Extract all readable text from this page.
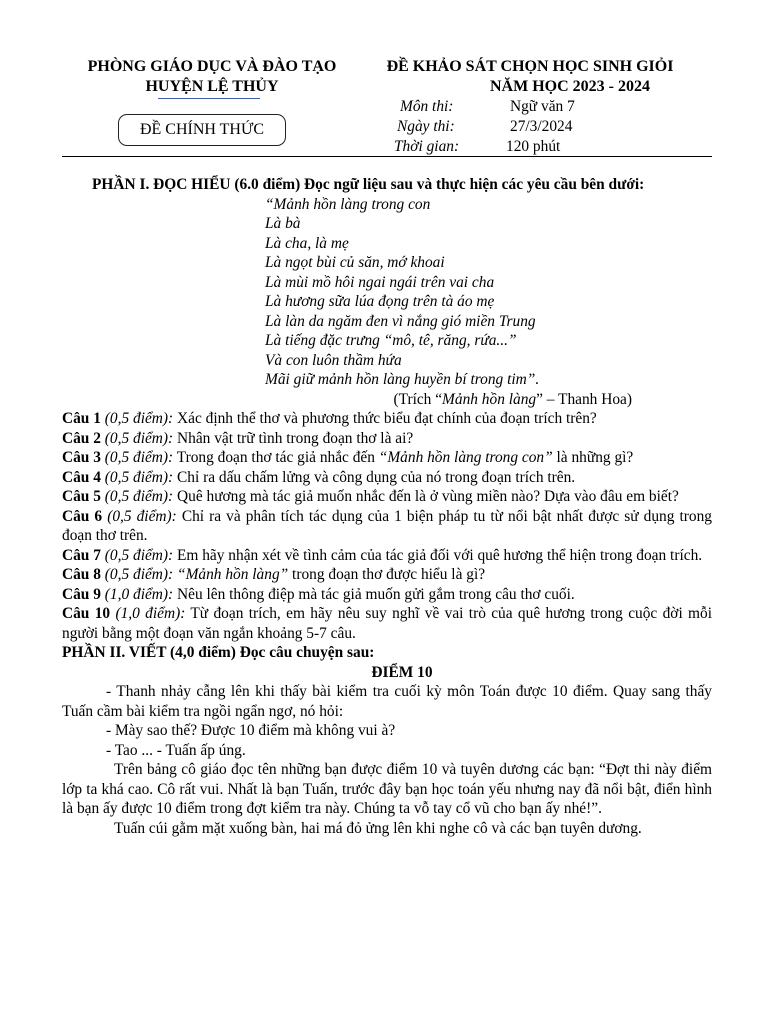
PHÒNG GIÁO DỤC VÀ ĐÀO TẠO
HUYỆN LỆ THỦY
ĐỀ CHÍNH THỨC
ĐỀ KHẢO SÁT CHỌN HỌC SINH GIỎI
NĂM HỌC 2023 - 2024
Môn thi:	Ngữ văn 7
Ngày thi:	27/3/2024
Thời gian:	120 phút

PHẦN I. ĐỌC HIỂU (6.0 điểm) Đọc ngữ liệu sau và thực hiện các yêu cầu bên dưới:

“Mảnh hồn làng trong con

Là bà

Là cha, là mẹ

Là ngọt bùi củ săn, mớ khoai

Là mùi mồ hôi ngai ngái trên vai cha

Là hương sữa lúa đọng trên tà áo mẹ

Là làn da ngăm đen vì nắng gió miền Trung

Là tiếng đặc trưng “mô, tê, răng, rứa...”

Và con luôn thầm hứa

Mãi giữ mảnh hồn làng huyền bí trong tim”.

(Trích “Mảnh hồn làng” – Thanh Hoa)

Câu 1 (0,5 điểm): Xác định thể thơ và phương thức biểu đạt chính của đoạn trích trên?

Câu 2 (0,5 điểm): Nhân vật trữ tình trong đoạn thơ là ai?

Câu 3 (0,5 điểm): Trong đoạn thơ tác giả nhắc đến “Mảnh hồn làng trong con” là những gì?

Câu 4 (0,5 điểm): Chỉ ra dấu chấm lửng và công dụng của nó trong đoạn trích trên.

Câu 5 (0,5 điểm): Quê hương mà tác giả muốn nhắc đến là ở vùng miền nào? Dựa vào đâu em biết?

Câu 6 (0,5 điểm): Chỉ ra và phân tích tác dụng của 1 biện pháp tu từ nổi bật nhất được sử dụng trong đoạn thơ trên.

Câu 7 (0,5 điểm): Em hãy nhận xét về tình cảm của tác giả đối với quê hương thể hiện trong đoạn trích.

Câu 8 (0,5 điểm): “Mảnh hồn làng” trong đoạn thơ được hiểu là gì?

Câu 9 (1,0 điểm): Nêu lên thông điệp mà tác giả muốn gửi gắm trong câu thơ cuối.

Câu 10 (1,0 điểm): Từ đoạn trích, em hãy nêu suy nghĩ về vai trò của quê hương trong cuộc đời mỗi người bằng một đoạn văn ngắn khoảng 5-7 câu.

PHẦN II. VIẾT (4,0 điểm) Đọc câu chuyện sau:

ĐIỂM 10

- Thanh nhảy cẫng lên khi thấy bài kiểm tra cuối kỳ môn Toán được 10 điểm. Quay sang thấy Tuấn cầm bài kiểm tra ngồi ngẩn ngơ, nó hỏi:

- Mày sao thế? Được 10 điểm mà không vui à?

- Tao ... - Tuấn ấp úng.

Trên bảng cô giáo đọc tên những bạn được điểm 10 và tuyên dương các bạn: “Đợt thi này điểm lớp ta khá cao. Cô rất vui. Nhất là bạn Tuấn, trước đây bạn học toán yếu nhưng nay đã nổi bật, điển hình là bạn ấy được 10 điểm trong đợt kiểm tra này. Chúng ta vỗ tay cổ vũ cho bạn ấy nhé!”.

Tuấn cúi gằm mặt xuống bàn, hai má đỏ ửng lên khi nghe cô và các bạn tuyên dương.
